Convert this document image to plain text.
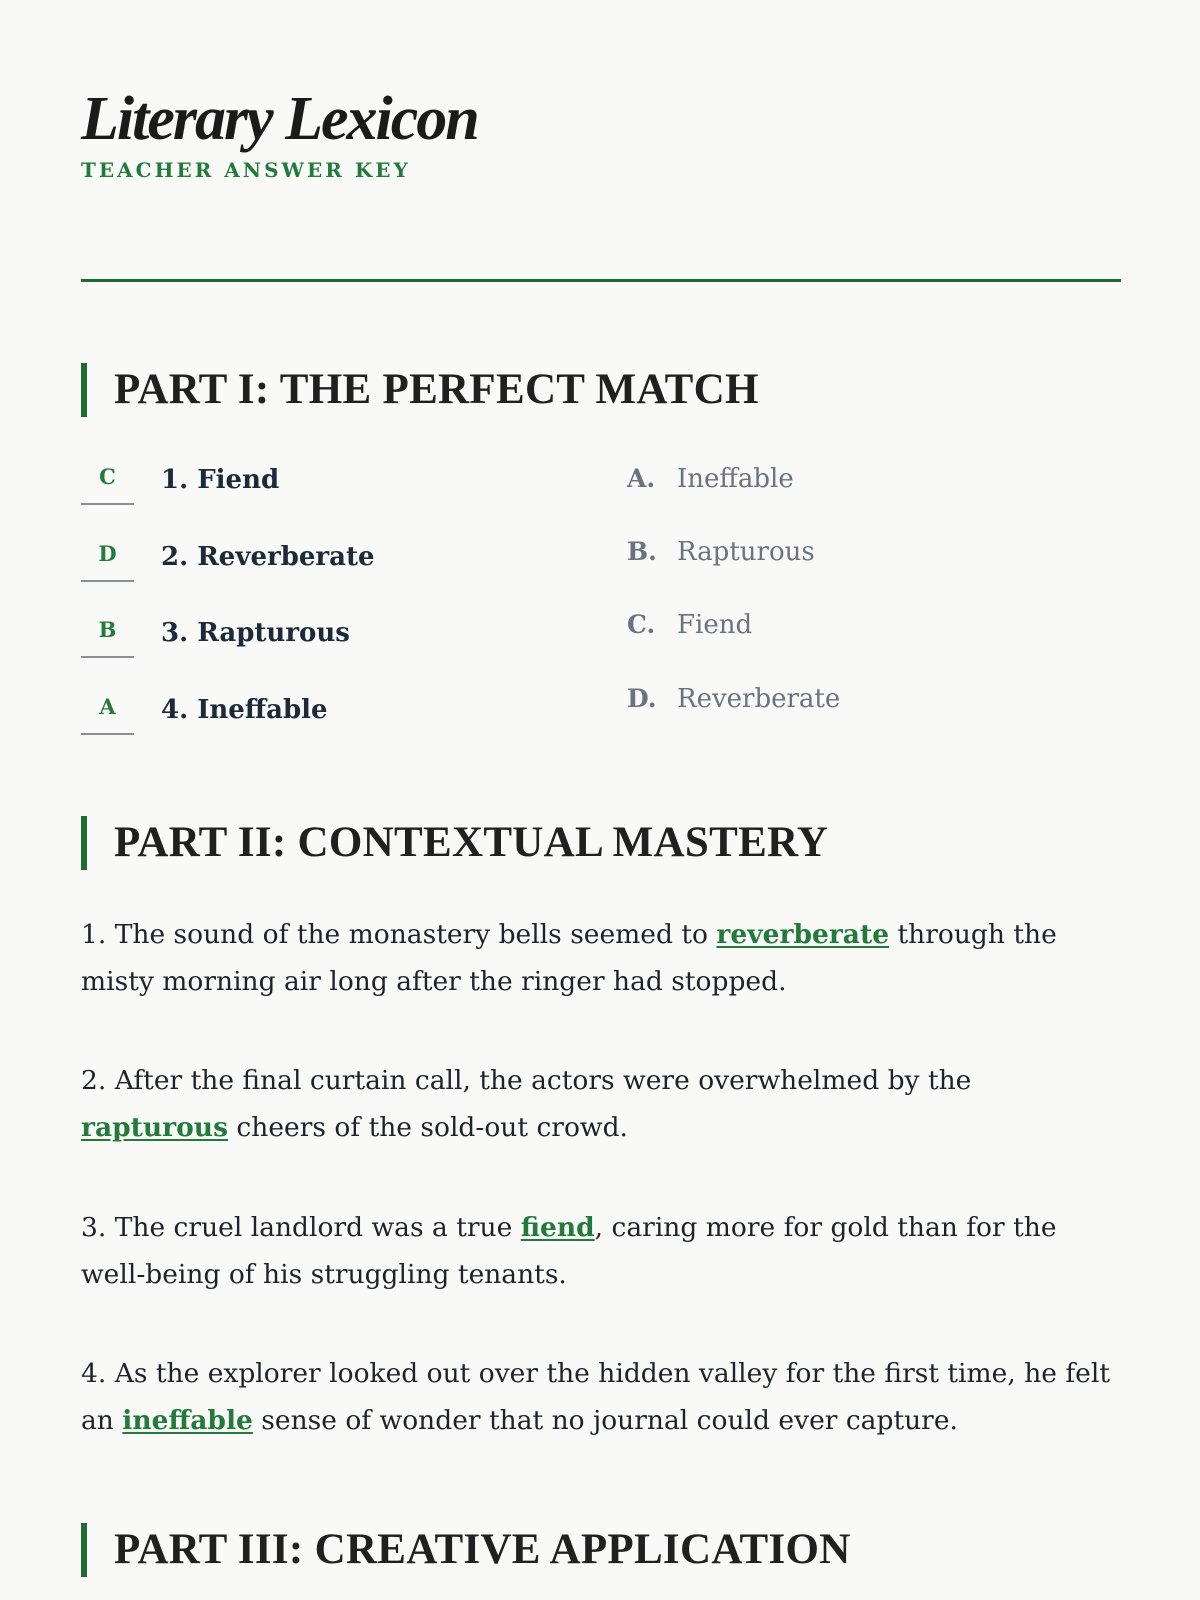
Literary Lexicon
TEACHER ANSWER KEY
PART I: THE PERFECT MATCH
C	1. Fiend
D	2. Reverberate
B	3. Rapturous
A	4. Ineffable
A. Ineffable
B. Rapturous
C. Fiend
D. Reverberate
PART II: CONTEXTUAL MASTERY

1. The sound of the monastery bells seemed to reverberate through the misty morning air long after the ringer had stopped.

2. After the final curtain call, the actors were overwhelmed by the rapturous cheers of the sold-out crowd.

3. The cruel landlord was a true fiend, caring more for gold than for the well-being of his struggling tenants.

4. As the explorer looked out over the hidden valley for the first time, he felt an ineffable sense of wonder that no journal could ever capture.

PART III: CREATIVE APPLICATION
